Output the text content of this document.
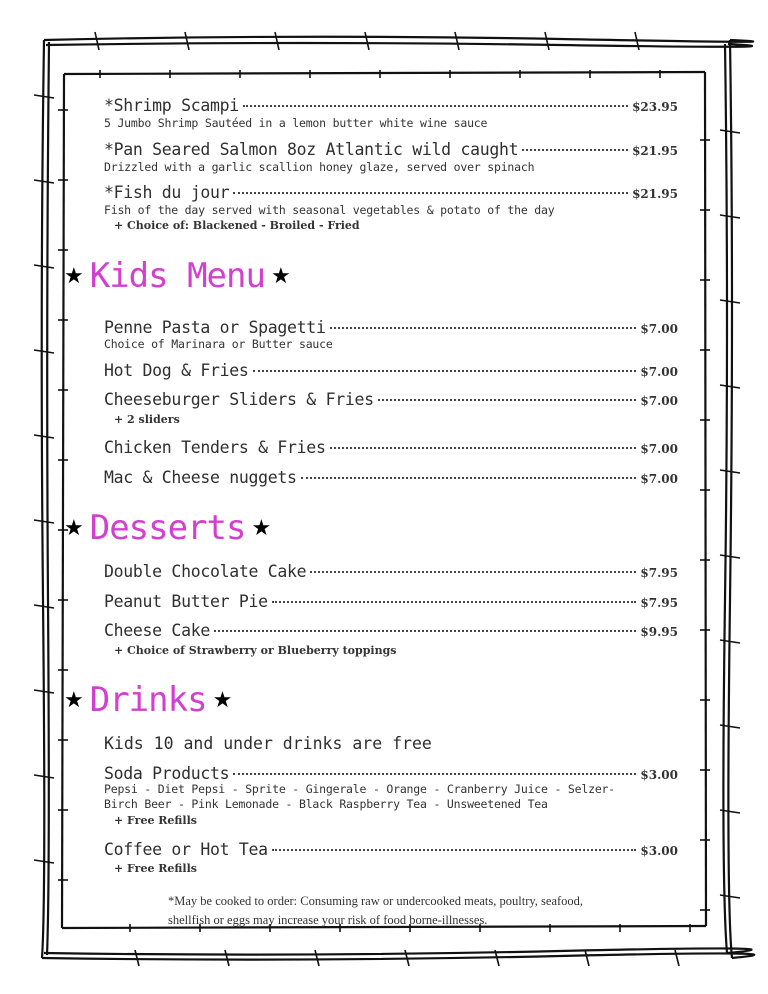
*Shrimp Scampi	$23.95
5 Jumbo Shrimp Sautéed in a lemon butter white wine sauce
*Pan Seared Salmon 8oz Atlantic wild caught	$21.95
Drizzled with a garlic scallion honey glaze, served over spinach
*Fish du jour	$21.95
Fish of the day served with seasonal vegetables & potato of the day
+ Choice of: Blackened - Broiled - Fried
★ Kids Menu ★
Penne Pasta or Spagetti	$7.00
Choice of Marinara or Butter sauce
Hot Dog & Fries	$7.00
Cheeseburger Sliders & Fries	$7.00
+ 2 sliders
Chicken Tenders & Fries	$7.00
Mac & Cheese nuggets	$7.00
★ Desserts ★
Double Chocolate Cake	$7.95
Peanut Butter Pie	$7.95
Cheese Cake	$9.95
+ Choice of Strawberry or Blueberry toppings
★ Drinks ★
Kids 10 and under drinks are free
Soda Products	$3.00
Pepsi - Diet Pepsi - Sprite - Gingerale - Orange - Cranberry Juice - Selzer-
Birch Beer - Pink Lemonade - Black Raspberry Tea - Unsweetened Tea
+ Free Refills
Coffee or Hot Tea	$3.00
+ Free Refills
*May be cooked to order: Consuming raw or undercooked meats, poultry, seafood, shellfish or eggs may increase your risk of food borne-illnesses.
